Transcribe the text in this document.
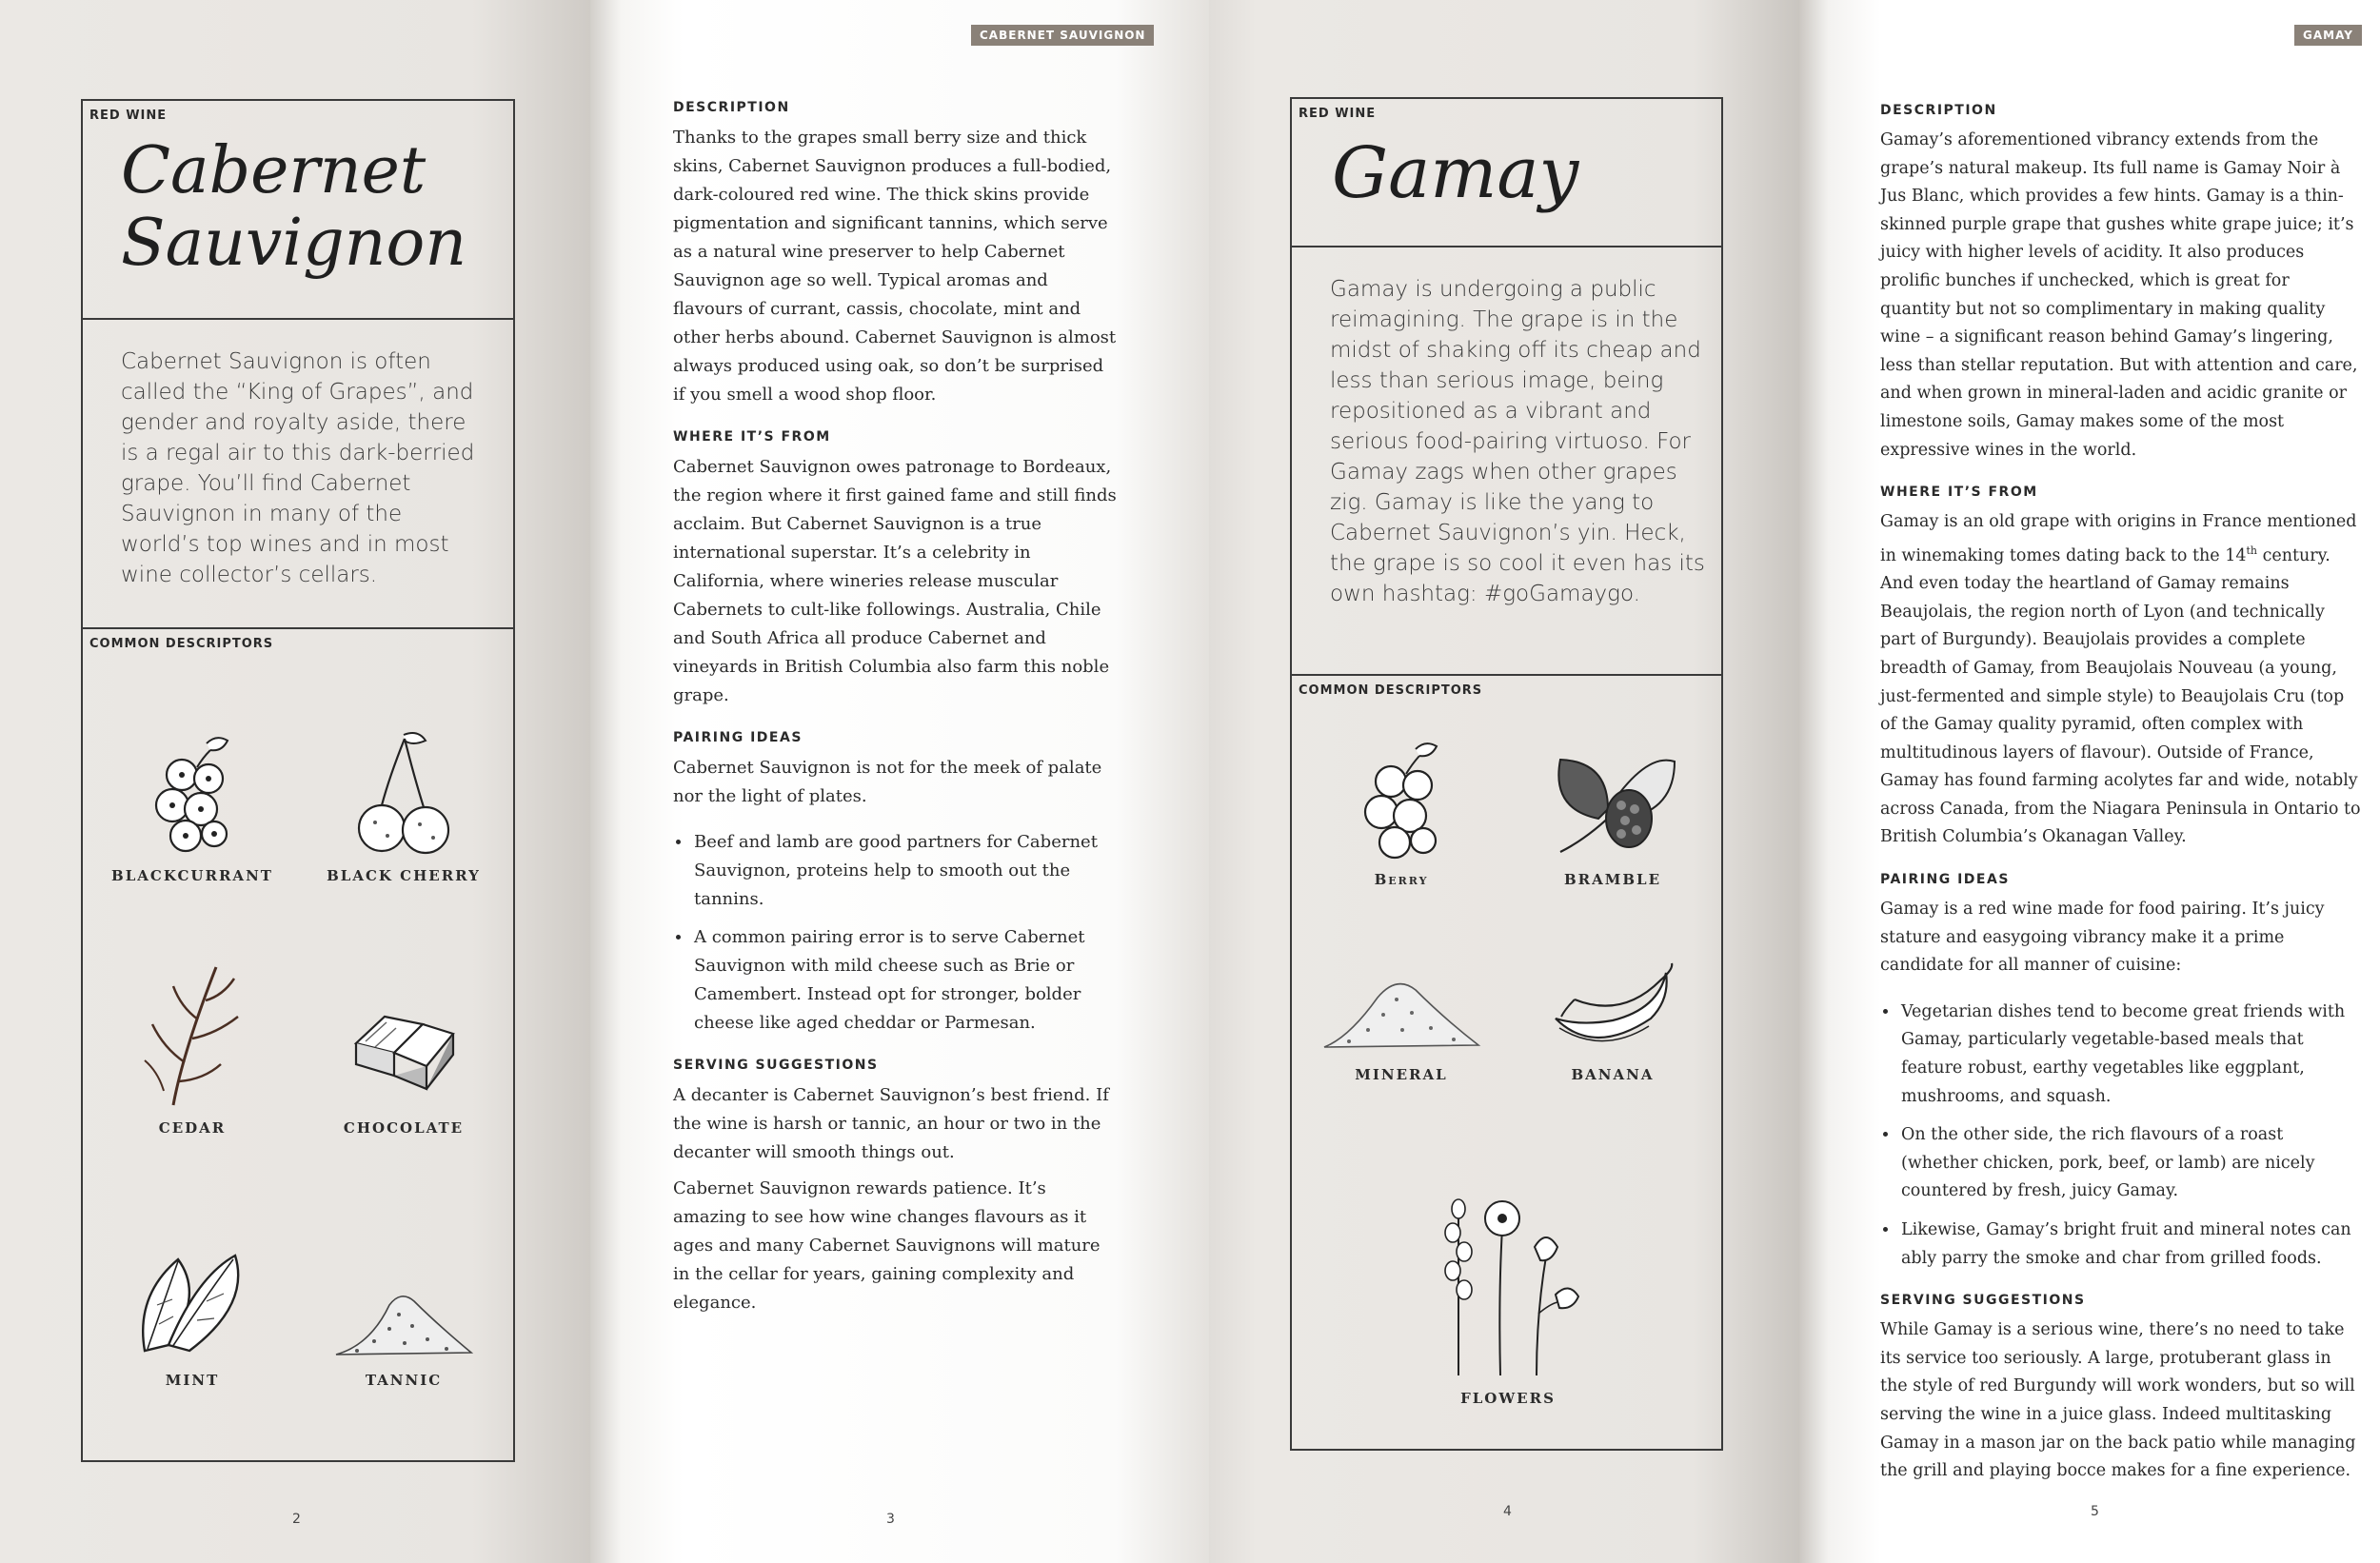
RED WINE
Cabernet
Sauvignon
Cabernet Sauvignon is often called the “King of Grapes”, and gender and royalty aside, there is a regal air to this dark-berried grape. You’ll find Cabernet Sauvignon in many of the world’s top wines and in most wine collector’s cellars.
COMMON DESCRIPTORS
BLACKCURRANT	BLACK CHERRY
CEDAR	CHOCOLATE
MINT	TANNIC
2
CABERNET SAUVIGNON
DESCRIPTION

Thanks to the grapes small berry size and thick skins, Cabernet Sauvignon produces a full-bodied, dark-coloured red wine. The thick skins provide pigmentation and significant tannins, which serve as a natural wine preserver to help Cabernet Sauvignon age so well. Typical aromas and flavours of currant, cassis, chocolate, mint and other herbs abound. Cabernet Sauvignon is almost always produced using oak, so don’t be surprised if you smell a wood shop floor.

WHERE IT’S FROM

Cabernet Sauvignon owes patronage to Bordeaux, the region where it first gained fame and still finds acclaim. But Cabernet Sauvignon is a true international superstar. It’s a celebrity in California, where wineries release muscular Cabernets to cult-like followings. Australia, Chile and South Africa all produce Cabernet and vineyards in British Columbia also farm this noble grape.

PAIRING IDEAS

Cabernet Sauvignon is not for the meek of palate nor the light of plates.

• Beef and lamb are good partners for Cabernet Sauvignon, proteins help to smooth out the tannins.
• A common pairing error is to serve Cabernet Sauvignon with mild cheese such as Brie or Camembert. Instead opt for stronger, bolder cheese like aged cheddar or Parmesan.
SERVING SUGGESTIONS

A decanter is Cabernet Sauvignon’s best friend. If the wine is harsh or tannic, an hour or two in the decanter will smooth things out.

Cabernet Sauvignon rewards patience. It’s amazing to see how wine changes flavours as it ages and many Cabernet Sauvignons will mature in the cellar for years, gaining complexity and elegance.

3
RED WINE
Gamay
Gamay is undergoing a public reimagining. The grape is in the midst of shaking off its cheap and less than serious image, being repositioned as a vibrant and serious food-pairing virtuoso. For Gamay zags when other grapes zig. Gamay is like the yang to Cabernet Sauvignon’s yin. Heck, the grape is so cool it even has its own hashtag: #goGamaygo.
COMMON DESCRIPTORS
Berry	BRAMBLE
MINERAL	BANANA
FLOWERS
4
GAMAY
DESCRIPTION

Gamay’s aforementioned vibrancy extends from the grape’s natural makeup. Its full name is Gamay Noir à Jus Blanc, which provides a few hints. Gamay is a thin-skinned purple grape that gushes white grape juice; it’s juicy with higher levels of acidity. It also produces prolific bunches if unchecked, which is great for quantity but not so complimentary in making quality wine – a significant reason behind Gamay’s lingering, less than stellar reputation. But with attention and care, and when grown in mineral-laden and acidic granite or limestone soils, Gamay makes some of the most expressive wines in the world.

WHERE IT’S FROM

Gamay is an old grape with origins in France mentioned in winemaking tomes dating back to the 14th century. And even today the heartland of Gamay remains Beaujolais, the region north of Lyon (and technically part of Burgundy). Beaujolais provides a complete breadth of Gamay, from Beaujolais Nouveau (a young, just-fermented and simple style) to Beaujolais Cru (top of the Gamay quality pyramid, often complex with multitudinous layers of flavour). Outside of France, Gamay has found farming acolytes far and wide, notably across Canada, from the Niagara Peninsula in Ontario to British Columbia’s Okanagan Valley.

PAIRING IDEAS

Gamay is a red wine made for food pairing. It’s juicy stature and easygoing vibrancy make it a prime candidate for all manner of cuisine:

• Vegetarian dishes tend to become great friends with Gamay, particularly vegetable-based meals that feature robust, earthy vegetables like eggplant, mushrooms, and squash.
• On the other side, the rich flavours of a roast (whether chicken, pork, beef, or lamb) are nicely countered by fresh, juicy Gamay.
• Likewise, Gamay’s bright fruit and mineral notes can ably parry the smoke and char from grilled foods.
SERVING SUGGESTIONS

While Gamay is a serious wine, there’s no need to take its service too seriously. A large, protuberant glass in the style of red Burgundy will work wonders, but so will serving the wine in a juice glass. Indeed multitasking Gamay in a mason jar on the back patio while managing the grill and playing bocce makes for a fine experience.

5
